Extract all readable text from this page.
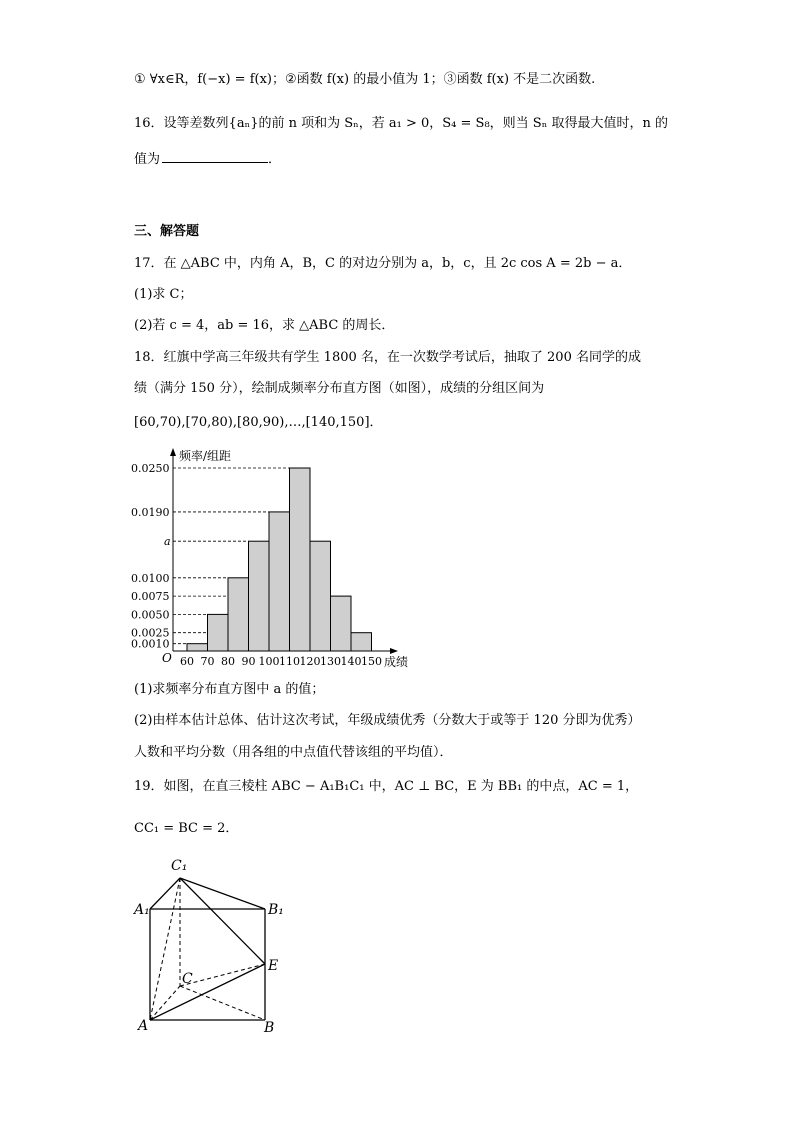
① ∀x∈R，f(−x) = f(x)；②函数 f(x) 的最小值为 1；③函数 f(x) 不是二次函数.
16．设等差数列{aₙ}的前 n 项和为 Sₙ，若 a₁ > 0，S₄ = S₈，则当 Sₙ 取得最大值时，n 的
值为	．
三、解答题
17．在 △ABC 中，内角 A，B，C 的对边分别为 a，b，c，且 2c cos A = 2b − a．
(1)求 C；
(2)若 c = 4，ab = 16，求 △ABC 的周长．
18．红旗中学高三年级共有学生 1800 名，在一次数学考试后，抽取了 200 名同学的成
绩（满分 150 分），绘制成频率分布直方图（如图），成绩的分组区间为
[60,70),[70,80),[80,90),…,[140,150]．
0.0250
0.0190
a
0.0100
0.0075
0.0050
0.0025
0.0010
60 70 80 90 100 110 120 130 140 150
频率/组距
成绩
O
(1)求频率分布直方图中 a 的值；
(2)由样本估计总体、估计这次考试，年级成绩优秀（分数大于或等于 120 分即为优秀）
人数和平均分数（用各组的中点值代替该组的平均值）．
19．如图，在直三棱柱 ABC − A₁B₁C₁ 中，AC ⊥ BC，E 为 BB₁ 的中点，AC = 1，
CC₁ = BC = 2．
C₁
A₁	B₁
E
C
A	B
